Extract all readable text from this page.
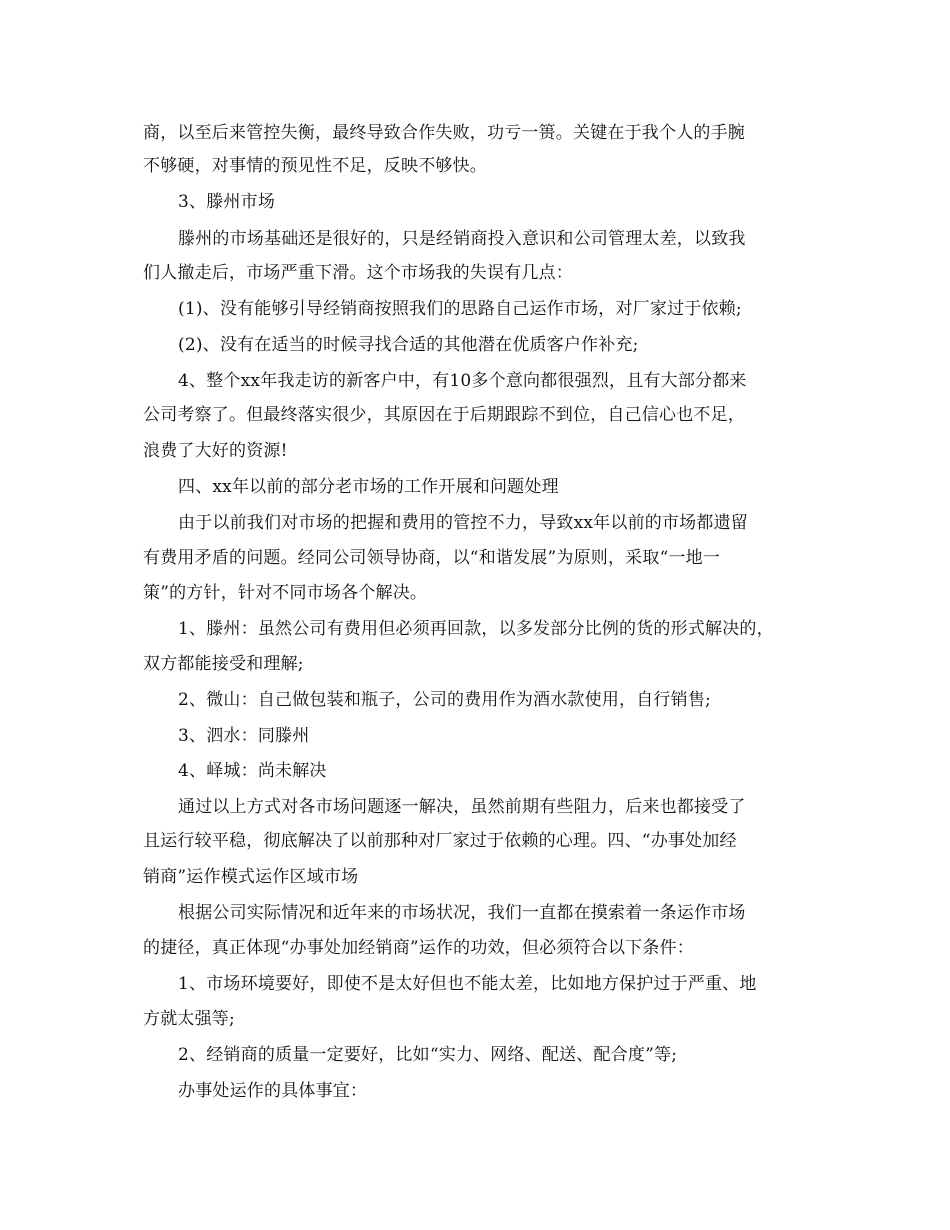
商，以至后来管控失衡，最终导致合作失败，功亏一篑。关键在于我个人的手腕
不够硬，对事情的预见性不足，反映不够快。
3、滕州市场
滕州的市场基础还是很好的，只是经销商投入意识和公司管理太差，以致我
们人撤走后，市场严重下滑。这个市场我的失误有几点：
(1)、没有能够引导经销商按照我们的思路自己运作市场，对厂家过于依赖;
(2)、没有在适当的时候寻找合适的其他潜在优质客户作补充;
4、整个xx年我走访的新客户中，有10多个意向都很强烈，且有大部分都来
公司考察了。但最终落实很少，其原因在于后期跟踪不到位，自己信心也不足，
浪费了大好的资源!
四、xx年以前的部分老市场的工作开展和问题处理
由于以前我们对市场的把握和费用的管控不力，导致xx年以前的市场都遗留
有费用矛盾的问题。经同公司领导协商，以“和谐发展”为原则，采取“一地一
策”的方针，针对不同市场各个解决。
1、滕州：虽然公司有费用但必须再回款，以多发部分比例的货的形式解决的，
双方都能接受和理解;
2、微山：自己做包装和瓶子，公司的费用作为酒水款使用，自行销售;
3、泗水：同滕州
4、峄城：尚未解决
通过以上方式对各市场问题逐一解决，虽然前期有些阻力，后来也都接受了
且运行较平稳，彻底解决了以前那种对厂家过于依赖的心理。四、“办事处加经
销商”运作模式运作区域市场
根据公司实际情况和近年来的市场状况，我们一直都在摸索着一条运作市场
的捷径，真正体现“办事处加经销商”运作的功效，但必须符合以下条件：
1、市场环境要好，即使不是太好但也不能太差，比如地方保护过于严重、地
方就太强等;
2、经销商的质量一定要好，比如“实力、网络、配送、配合度”等;
办事处运作的具体事宜：
